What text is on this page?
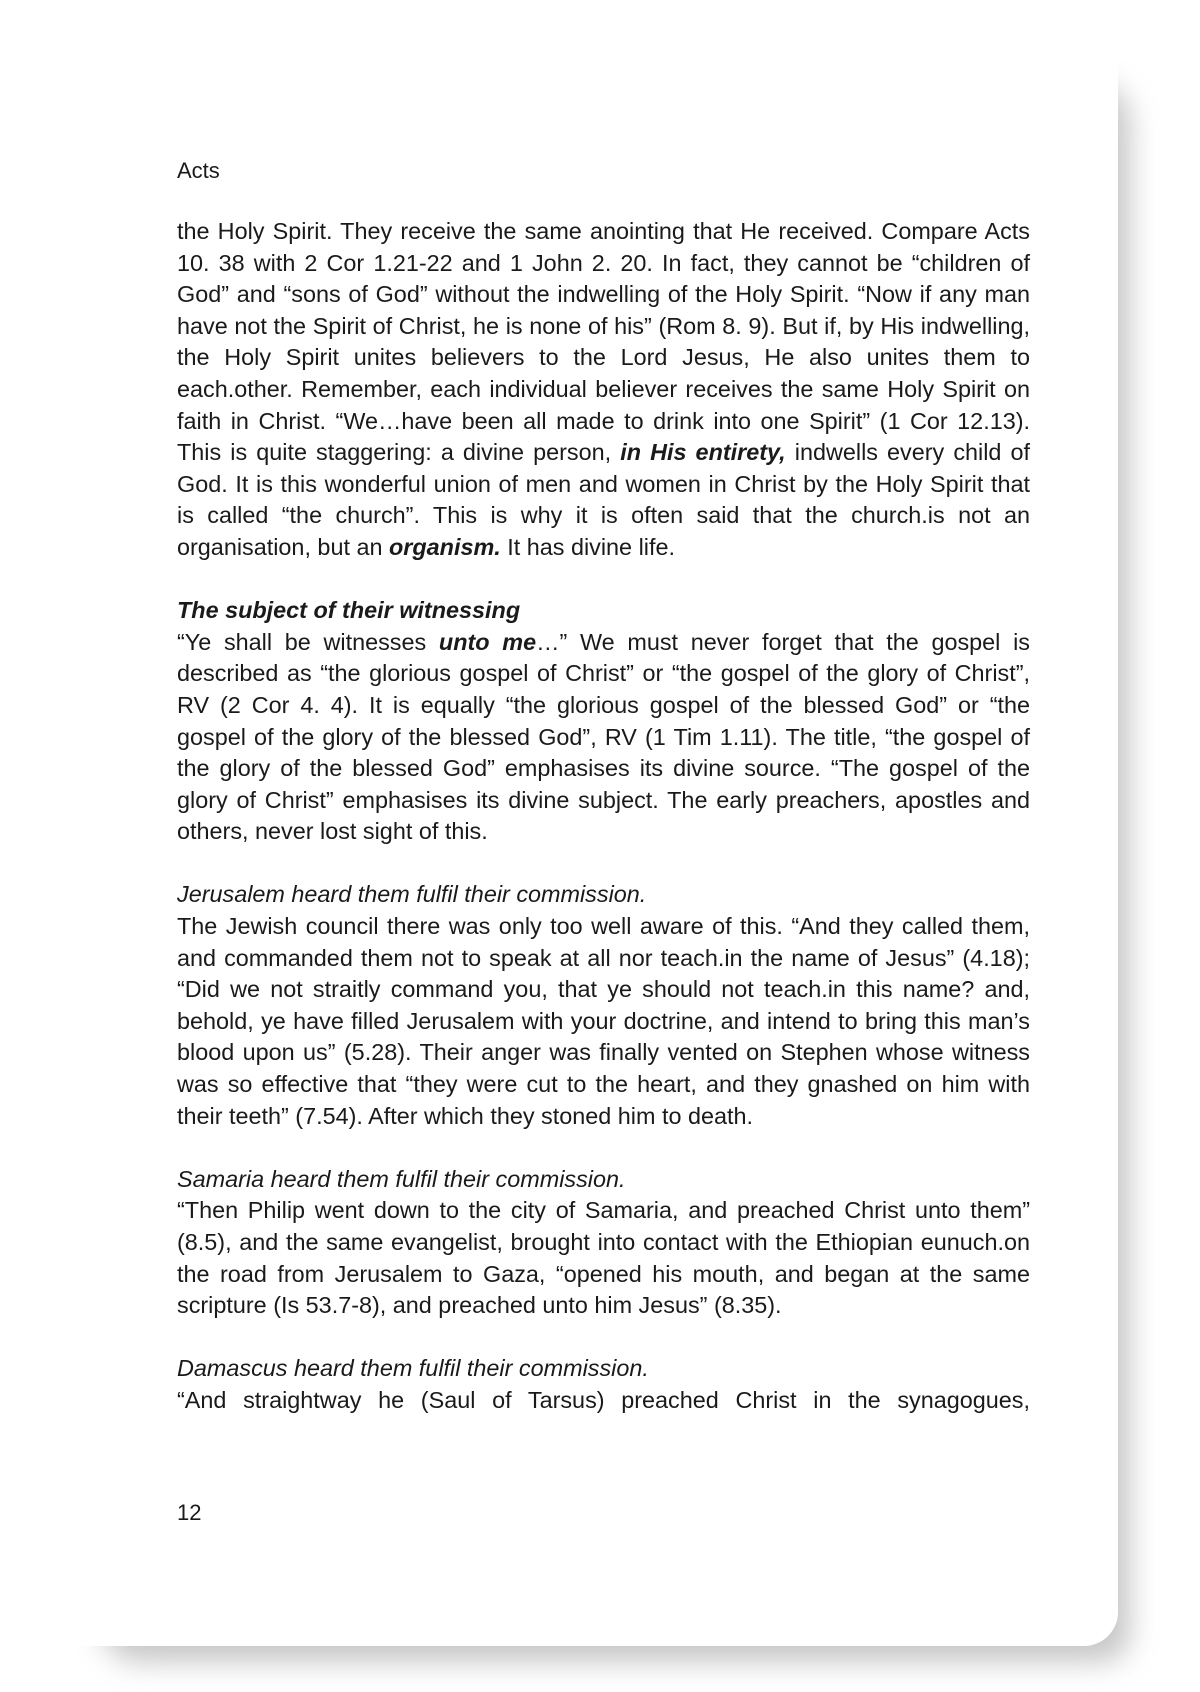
Acts

the Holy Spirit. They receive the same anointing that He received. Compare Acts 10. 38 with 2 Cor 1.21-22 and 1 John 2. 20. In fact, they cannot be “children of God” and “sons of God” without the indwelling of the Holy Spirit. “Now if any man have not the Spirit of Christ, he is none of his” (Rom 8. 9). But if, by His indwelling, the Holy Spirit unites believers to the Lord Jesus, He also unites them to each.other. Remember, each individual believer receives the same Holy Spirit on faith in Christ. “We…have been all made to drink into one Spirit” (1 Cor 12.13). This is quite staggering: a divine person, in His entirety, indwells every child of God. It is this wonderful union of men and women in Christ by the Holy Spirit that is called “the church”. This is why it is often said that the church.is not an organisation, but an organism. It has divine life.

The subject of their witnessing

“Ye shall be witnesses unto me…” We must never forget that the gospel is described as “the glorious gospel of Christ” or “the gospel of the glory of Christ”, RV (2 Cor 4. 4). It is equally “the glorious gospel of the blessed God” or “the gospel of the glory of the blessed God”, RV (1 Tim 1.11). The title, “the gospel of the glory of the blessed God” emphasises its divine source. “The gospel of the glory of Christ” emphasises its divine subject. The early preachers, apostles and others, never lost sight of this.

Jerusalem heard them fulfil their commission.

The Jewish council there was only too well aware of this. “And they called them, and commanded them not to speak at all nor teach.in the name of Jesus” (4.18); “Did we not straitly command you, that ye should not teach.in this name? and, behold, ye have filled Jerusalem with your doctrine, and intend to bring this man’s blood upon us” (5.28). Their anger was finally vented on Stephen whose witness was so effective that “they were cut to the heart, and they gnashed on him with their teeth” (7.54). After which they stoned him to death.

Samaria heard them fulfil their commission.

“Then Philip went down to the city of Samaria, and preached Christ unto them” (8.5), and the same evangelist, brought into contact with the Ethiopian eunuch.on the road from Jerusalem to Gaza, “opened his mouth, and began at the same scripture (Is 53.7-8), and preached unto him Jesus” (8.35).

Damascus heard them fulfil their commission.

“And straightway he (Saul of Tarsus) preached Christ in the synagogues,

12
